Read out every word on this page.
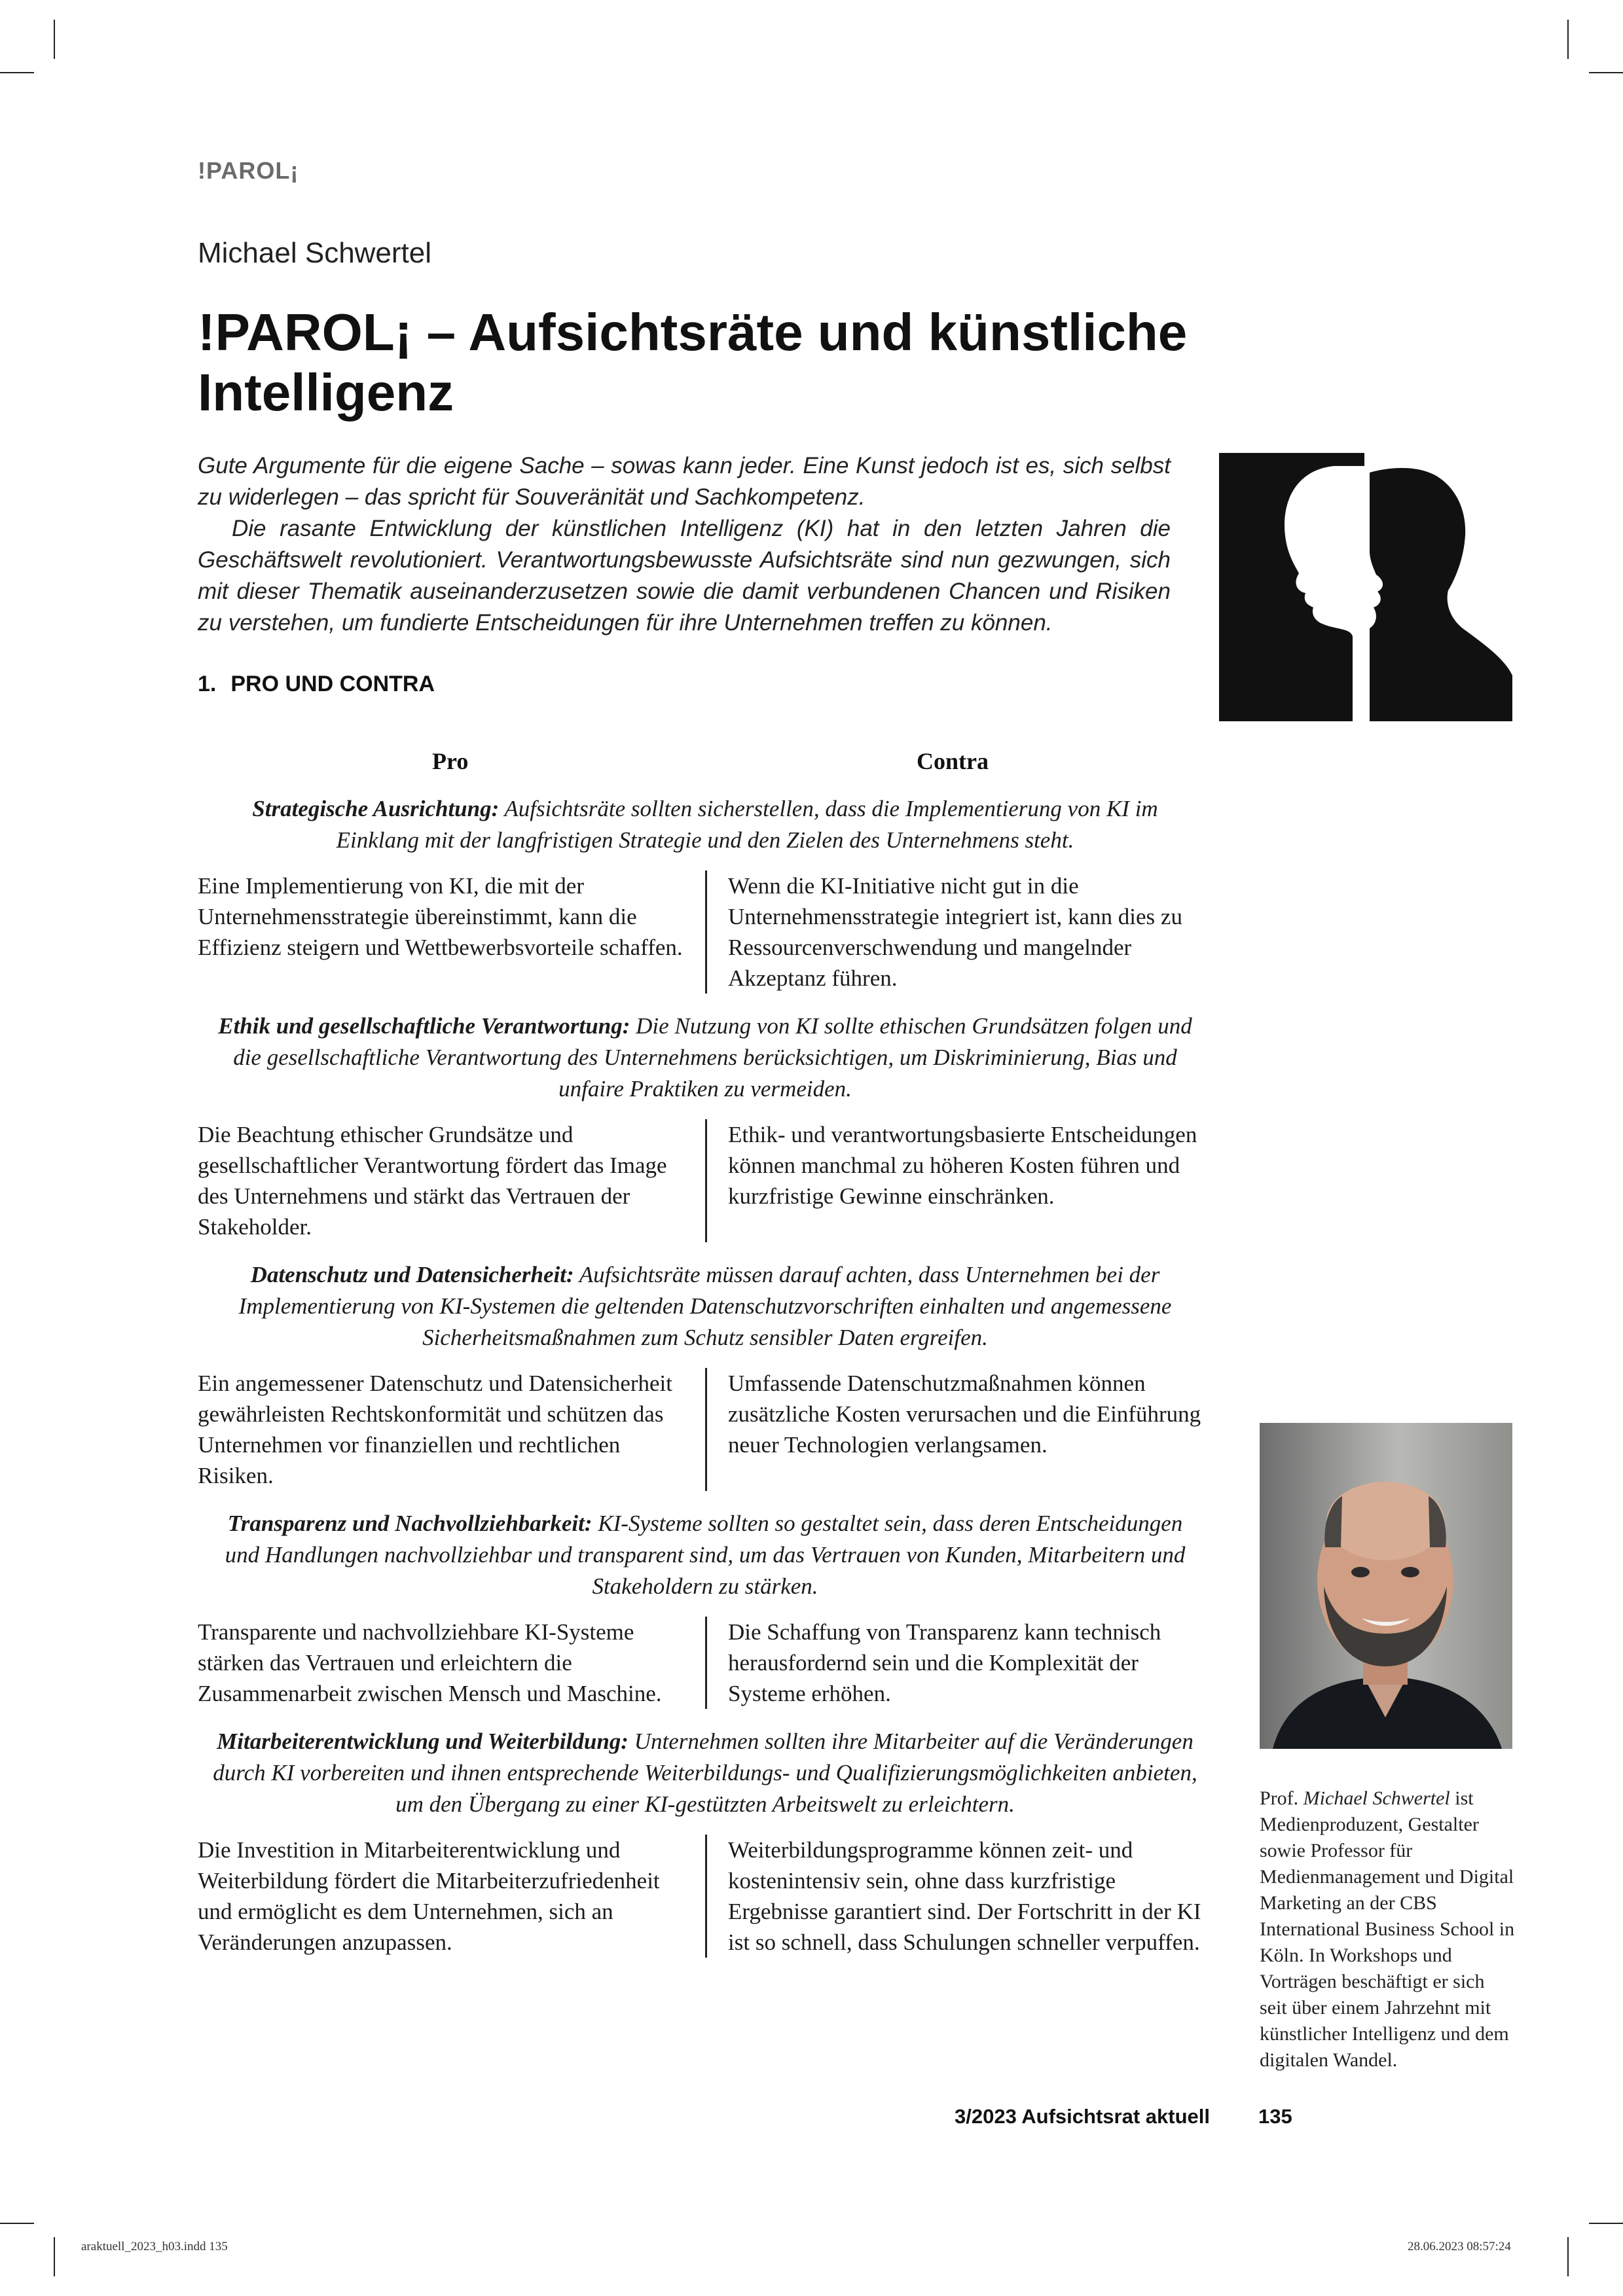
!PAROL¡
Michael Schwertel
!PAROL¡ – Aufsichtsräte und künstliche Intelligenz

Gute Argumente für die eigene Sache – sowas kann jeder. Eine Kunst jedoch ist es, sich selbst zu widerlegen – das spricht für Souveränität und Sachkompetenz.

Die rasante Entwicklung der künstlichen Intelligenz (KI) hat in den letzten Jahren die Geschäftswelt revolutioniert. Verantwortungsbewusste Aufsichtsräte sind nun gezwungen, sich mit dieser Thematik auseinanderzusetzen sowie die damit verbundenen Chancen und Risiken zu verstehen, um fundierte Entscheidungen für ihre Unternehmen treffen zu können.

1. PRO UND CONTRA
Pro	Contra

Strategische Ausrichtung: Aufsichtsräte sollten sicherstellen, dass die Implementierung von KI im Einklang mit der langfristigen Strategie und den Zielen des Unternehmens steht.

Eine Implementierung von KI, die mit der Unternehmensstrategie übereinstimmt, kann die Effizienz steigern und Wettbewerbsvorteile schaffen.
Wenn die KI-Initiative nicht gut in die Unternehmensstrategie integriert ist, kann dies zu Ressourcenverschwendung und mangelnder Akzeptanz führen.

Ethik und gesellschaftliche Verantwortung: Die Nutzung von KI sollte ethischen Grundsätzen folgen und die gesellschaftliche Verantwortung des Unternehmens berücksichtigen, um Diskriminierung, Bias und unfaire Praktiken zu vermeiden.

Die Beachtung ethischer Grundsätze und gesellschaftlicher Verantwortung fördert das Image des Unternehmens und stärkt das Vertrauen der Stakeholder.
Ethik- und verantwortungsbasierte Entscheidungen können manchmal zu höheren Kosten führen und kurzfristige Gewinne einschränken.

Datenschutz und Datensicherheit: Aufsichtsräte müssen darauf achten, dass Unternehmen bei der Implementierung von KI-Systemen die geltenden Datenschutzvorschriften einhalten und angemessene Sicherheitsmaßnahmen zum Schutz sensibler Daten ergreifen.

Ein angemessener Datenschutz und Datensicherheit gewährleisten Rechtskonformität und schützen das Unternehmen vor finanziellen und rechtlichen Risiken.
Umfassende Datenschutzmaßnahmen können zusätzliche Kosten verursachen und die Einführung neuer Technologien verlangsamen.

Transparenz und Nachvollziehbarkeit: KI-Systeme sollten so gestaltet sein, dass deren Entscheidungen und Handlungen nachvollziehbar und transparent sind, um das Vertrauen von Kunden, Mitarbeitern und Stakeholdern zu stärken.

Transparente und nachvollziehbare KI-Systeme stärken das Vertrauen und erleichtern die Zusammenarbeit zwischen Mensch und Maschine.
Die Schaffung von Transparenz kann technisch herausfordernd sein und die Komplexität der Systeme erhöhen.

Mitarbeiterentwicklung und Weiterbildung: Unternehmen sollten ihre Mitarbeiter auf die Veränderungen durch KI vorbereiten und ihnen entsprechende Weiterbildungs- und Qualifizierungsmöglichkeiten anbieten, um den Übergang zu einer KI-gestützten Arbeitswelt zu erleichtern.

Die Investition in Mitarbeiterentwicklung und Weiterbildung fördert die Mitarbeiterzufriedenheit und ermöglicht es dem Unternehmen, sich an Veränderungen anzupassen.
Weiterbildungsprogramme können zeit- und kostenintensiv sein, ohne dass kurzfristige Ergebnisse garantiert sind. Der Fortschritt in der KI ist so schnell, dass Schulungen schneller verpuffen.
Prof. Michael Schwertel ist Medienproduzent, Gestalter sowie Professor für Medienmanagement und Digital Marketing an der CBS International Business School in Köln. In Workshops und Vorträgen beschäftigt er sich seit über einem Jahrzehnt mit künstlicher Intelligenz und dem digitalen Wandel.
3/2023 Aufsichtsrat aktuell 135
araktuell_2023_h03.indd 135	28.06.2023 08:57:24
